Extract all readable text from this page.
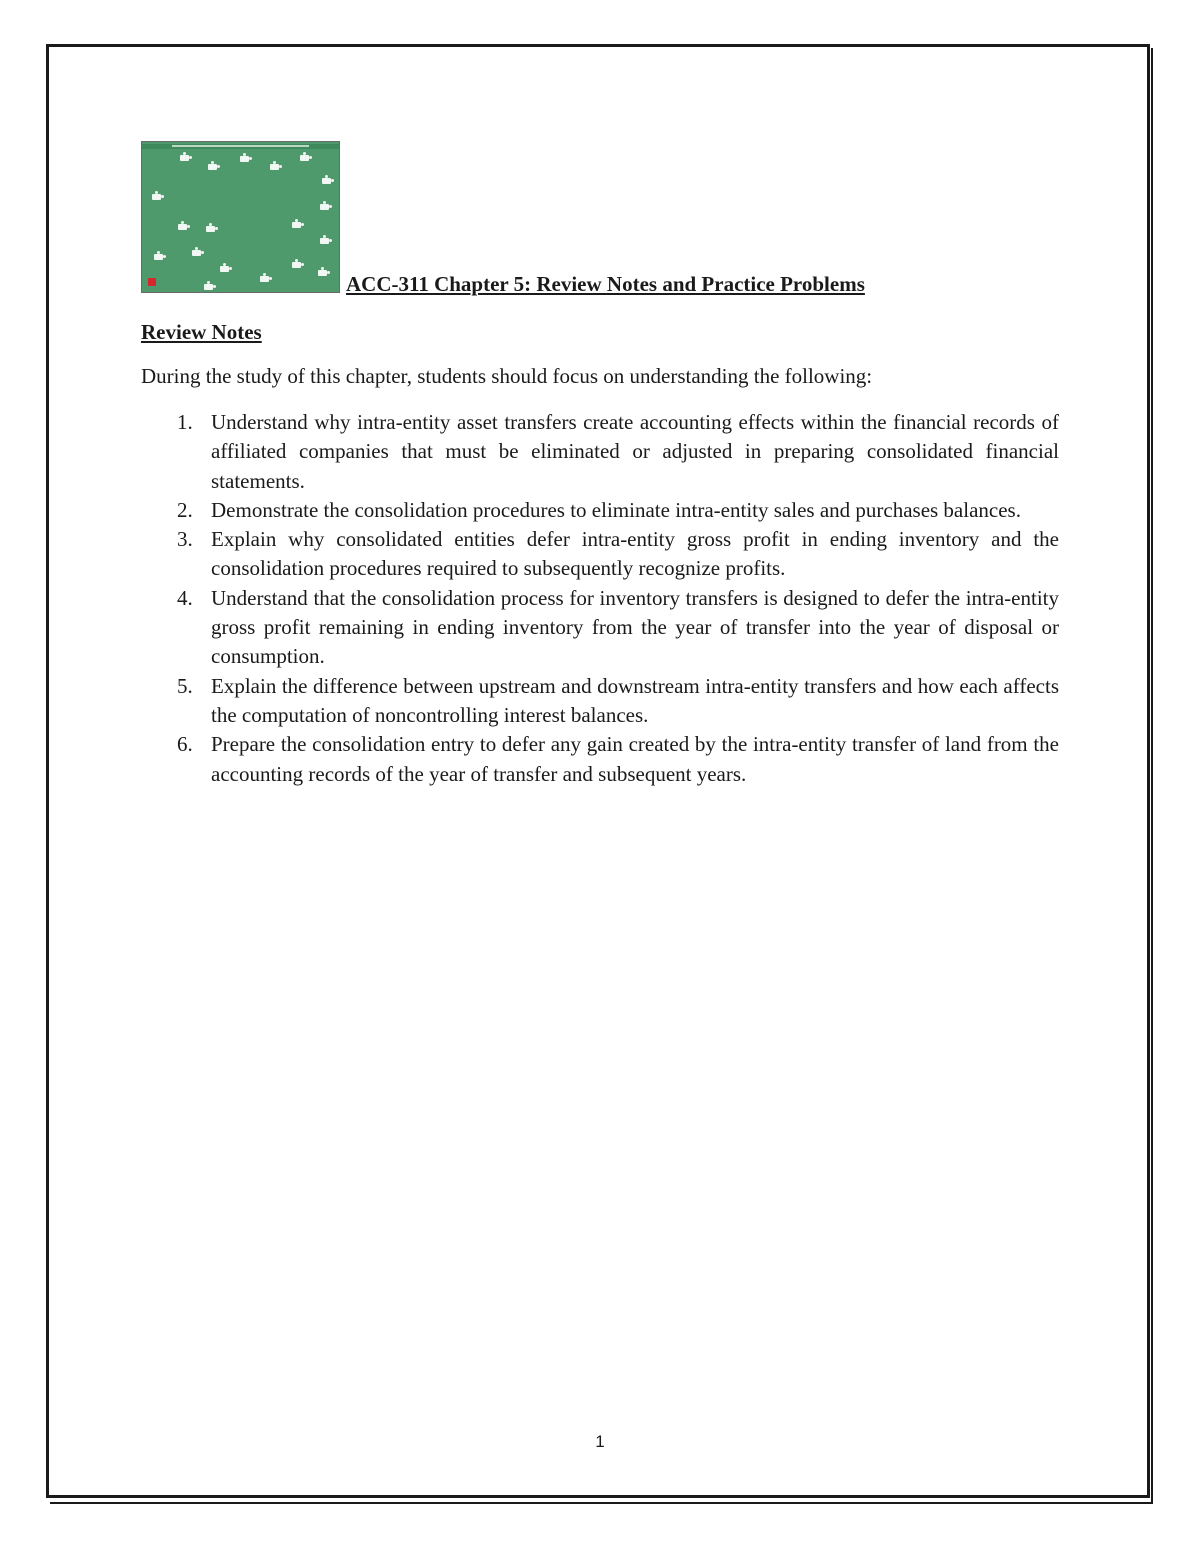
ACC-311 Chapter 5: Review Notes and Practice Problems
Review Notes

During the study of this chapter, students should focus on understanding the following:

1. Understand why intra-entity asset transfers create accounting effects within the financial records of affiliated companies that must be eliminated or adjusted in preparing consolidated financial statements.
2. Demonstrate the consolidation procedures to eliminate intra-entity sales and purchases balances.
3. Explain why consolidated entities defer intra-entity gross profit in ending inventory and the consolidation procedures required to subsequently recognize profits.
4. Understand that the consolidation process for inventory transfers is designed to defer the intra-entity gross profit remaining in ending inventory from the year of transfer into the year of disposal or consumption.
5. Explain the difference between upstream and downstream intra-entity transfers and how each affects the computation of noncontrolling interest balances.
6. Prepare the consolidation entry to defer any gain created by the intra-entity transfer of land from the accounting records of the year of transfer and subsequent years.
1
